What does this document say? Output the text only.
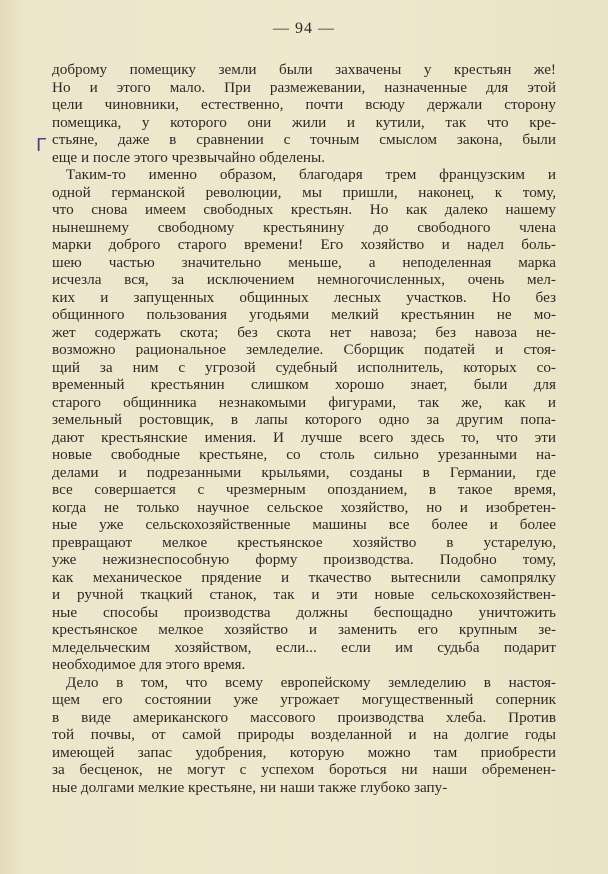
— 94 —
ᒥ
доброму помещику земли были захвачены у крестьян же!
Но и этого мало. При размежевании, назначенные для этой
цели чиновники, естественно, почти всюду держали сторону
помещика, у которого они жили и кутили, так что кре-
стьяне, даже в сравнении с точным смыслом закона, были
еще и после этого чрезвычайно обделены.
Таким-то именно образом, благодаря трем французским и
одной германской революции, мы пришли, наконец, к тому,
что снова имеем свободных крестьян. Но как далеко нашему
нынешнему свободному крестьянину до свободного члена
марки доброго старого времени! Его хозяйство и надел боль-
шею частью значительно меньше, а неподеленная марка
исчезла вся, за исключением немногочисленных, очень мел-
ких и запущенных общинных лесных участков. Но без
общинного пользования угодьями мелкий крестьянин не мо-
жет содержать скота; без скота нет навоза; без навоза не-
возможно рациональное земледелие. Сборщик податей и стоя-
щий за ним с угрозой судебный исполнитель, которых со-
временный крестьянин слишком хорошо знает, были для
старого общинника незнакомыми фигурами, так же, как и
земельный ростовщик, в лапы которого одно за другим попа-
дают крестьянские имения. И лучше всего здесь то, что эти
новые свободные крестьяне, со столь сильно урезанными на-
делами и подрезанными крыльями, созданы в Германии, где
все совершается с чрезмерным опозданием, в такое время,
когда не только научное сельское хозяйство, но и изобретен-
ные уже сельскохозяйственные машины все более и более
превращают мелкое крестьянское хозяйство в устарелую,
уже нежизнеспособную форму производства. Подобно тому,
как механическое прядение и ткачество вытеснили самопрялку
и ручной ткацкий станок, так и эти новые сельскохозяйствен-
ные способы производства должны беспощадно уничтожить
крестьянское мелкое хозяйство и заменить его крупным зе-
мледельческим хозяйством, если... если им судьба подарит
необходимое для этого время.
Дело в том, что всему европейскому земледелию в настоя-
щем его состоянии уже угрожает могущественный соперник
в виде американского массового производства хлеба. Против
той почвы, от самой природы возделанной и на долгие годы
имеющей запас удобрения, которую можно там приобрести
за бесценок, не могут с успехом бороться ни наши обременен-
ные долгами мелкие крестьяне, ни наши также глубоко запу-
